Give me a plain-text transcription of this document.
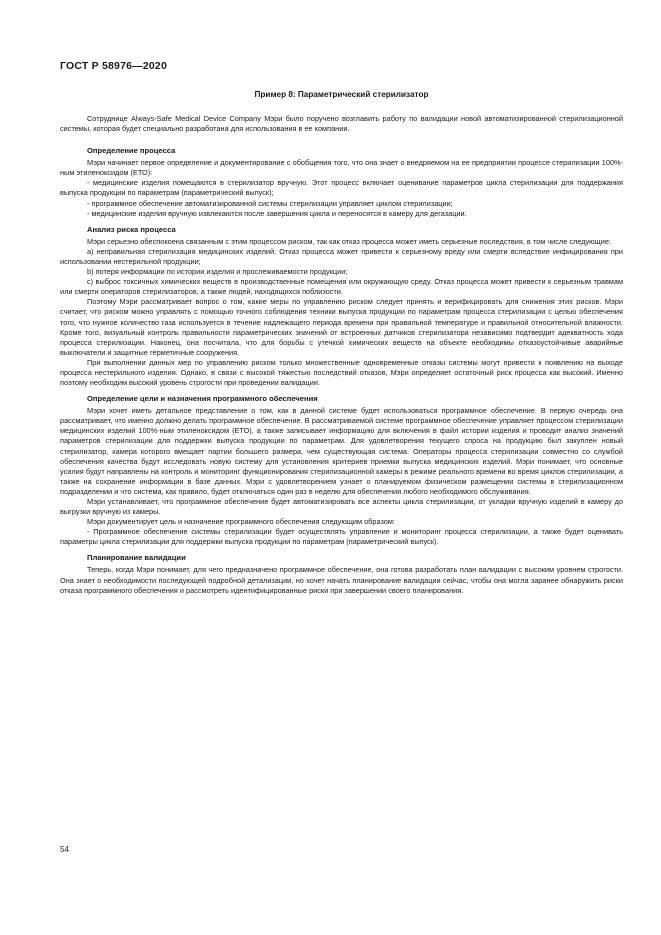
ГОСТ Р 58976—2020
Пример 8: Параметрический стерилизатор

Сотруднице Always-Safe Medical Device Company Мэри было поручено возглавить работу по валидации новой автоматизированной стерилизационной системы, которая будет специально разработана для использования в ее компании.

Определение процесса

Мэри начинает первое определение и документирование с обобщения того, что она знает о внедряемом на ее предприятии процессе стерилизации 100%-ным этиленоксидом (ЕТО):

- медицинские изделия помещаются в стерилизатор вручную. Этот процесс включает оценивание параметров цикла стерилизации для поддержания выпуска продукции по параметрам (параметрический выпуск);

- программное обеспечение автоматизированной системы стерилизации управляет циклом стерилизации;

- медицинские изделия вручную извлекаются после завершения цикла и переносятся в камеру для дегазации.

Анализ риска процесса

Мэри серьезно обеспокоена связанным с этим процессом риском, так как отказ процесса может иметь серьезные последствия, в том числе следующие:

a) неправильная стерилизация медицинских изделий. Отказ процесса может привести к серьезному вреду или смерти вследствие инфицирования при использовании нестерильной продукции;

b) потеря информации по истории изделия и прослеживаемости продукции;

c) выброс токсичных химических веществ в производственные помещения или окружающую среду. Отказ процесса может привести к серьезным травмам или смерти операторов стерилизаторов, а также людей, находящихся поблизости.

Поэтому Мэри рассматривает вопрос о том, какие меры по управлению риском следует принять и верифицировать для снижения этих рисков. Мэри считает, что риском можно управлять с помощью точного соблюдения техники выпуска продукции по параметрам процесса стерилизации с целью обеспечения того, что нужное количество газа используется в течение надлежащего периода времени при правильной температуре и правильной относительной влажности. Кроме того, визуальный контроль правильности параметрических значений от встроенных датчиков стерилизатора независимо подтвердит адекватность хода процесса стерилизации. Наконец, она посчитала, что для борьбы с утечкой химических веществ на объекте необходимы отказоустойчивые аварийные выключатели и защитные герметичные сооружения.

При выполнении данных мер по управлению риском только множественные одновременные отказы системы могут привести к появлению на выходе процесса нестерильного изделия. Однако, в связи с высокой тяжестью последствий отказов, Мэри определяет остаточный риск процесса как высокий. Именно поэтому необходим высокий уровень строгости при проведении валидации.

Определение цели и назначения программного обеспечения

Мэри хочет иметь детальное представление о том, как в данной системе будет использоваться программное обеспечение. В первую очередь она рассматривает, что именно должно делать программное обеспечение. В рассматриваемой системе программное обеспечение управляет процессом стерилизации медицинских изделий 100%-ным этиленоксидом (ЕТО), а также записывает информацию для включения в файл истории изделия и проводит анализ значений параметров стерилизации для поддержки выпуска продукции по параметрам. Для удовлетворения текущего спроса на продукцию был закуплен новый стерилизатор, камера которого вмещает партии большего размера, чем существующая система. Операторы процесса стерилизации совместно со службой обеспечения качества будут исследовать новую систему для установления критериев приемки выпуска медицинских изделий. Мэри понимает, что основные усилия будут направлены на контроль и мониторинг функционирования стерилизационной камеры в режиме реального времени во время циклов стерилизации, а также на сохранение информации в базе данных. Мэри с удовлетворением узнает о планируемом физическом размещении системы в стерилизационном подразделении и что система, как правило, будет отключаться один раз в неделю для обеспечения любого необходимого обслуживания.

Мэри устанавливает, что программное обеспечение будет автоматизировать все аспекты цикла стерилизации, от укладки вручную изделий в камеру до выгрузки вручную из камеры.

Мэри документирует цель и назначение программного обеспечения следующим образом:

- Программное обеспечение системы стерилизации будет осуществлять управление и мониторинг процесса стерилизации, а также будет оценивать параметры цикла стерилизации для поддержки выпуска продукции по параметрам (параметрический выпуск).

Планирование валидации

Теперь, когда Мэри понимает, для чего предназначено программное обеспечение, она готова разработать план валидации с высоким уровнем строгости. Она знает о необходимости последующей подробной детализации, но хочет начать планирование валидации сейчас, чтобы она могла заранее обнаружить риски отказа программного обеспечения и рассмотреть идентифицированные риски при завершении своего планирования.

54
